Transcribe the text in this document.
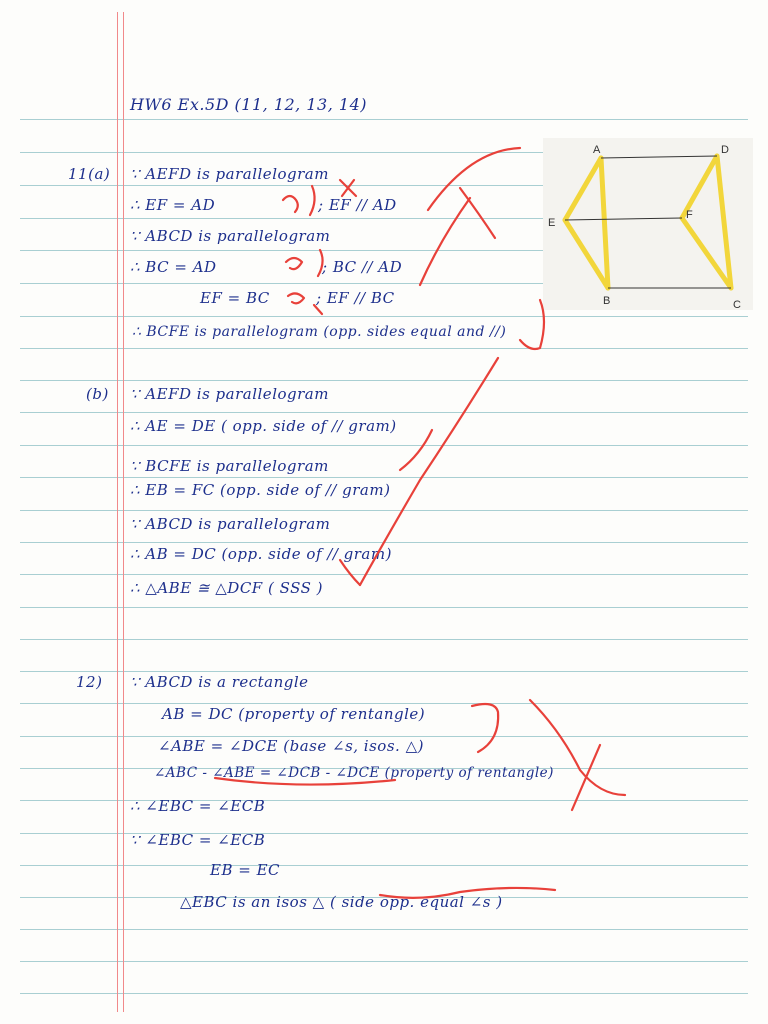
HW6 Ex.5D (11, 12, 13, 14)
11(a) ∵ AEFD is parallelogram
∴ EF = AD	; EF // AD
∵ ABCD is parallelogram
∴ BC = AD	; BC // AD
EF = BC	; EF // BC
∴ BCFE is parallelogram (opp. sides equal and //)
(b) ∵ AEFD is parallelogram
∴ AE = DE ( opp. side of // gram)
∵ BCFE is parallelogram
∴ EB = FC (opp. side of // gram)
∵ ABCD is parallelogram
∴ AB = DC (opp. side of // gram)
∴ △ABE ≅ △DCF ( SSS )
12) ∵ ABCD is a rectangle
AB = DC (property of rentangle)
∠ABE = ∠DCE (base ∠s, isos. △)
∠ABC - ∠ABE = ∠DCB - ∠DCE (property of rentangle)
∴ ∠EBC = ∠ECB
∵ ∠EBC = ∠ECB
EB = EC
△EBC is an isos △ ( side opp. equal ∠s )
A	D
E
F
B	C
